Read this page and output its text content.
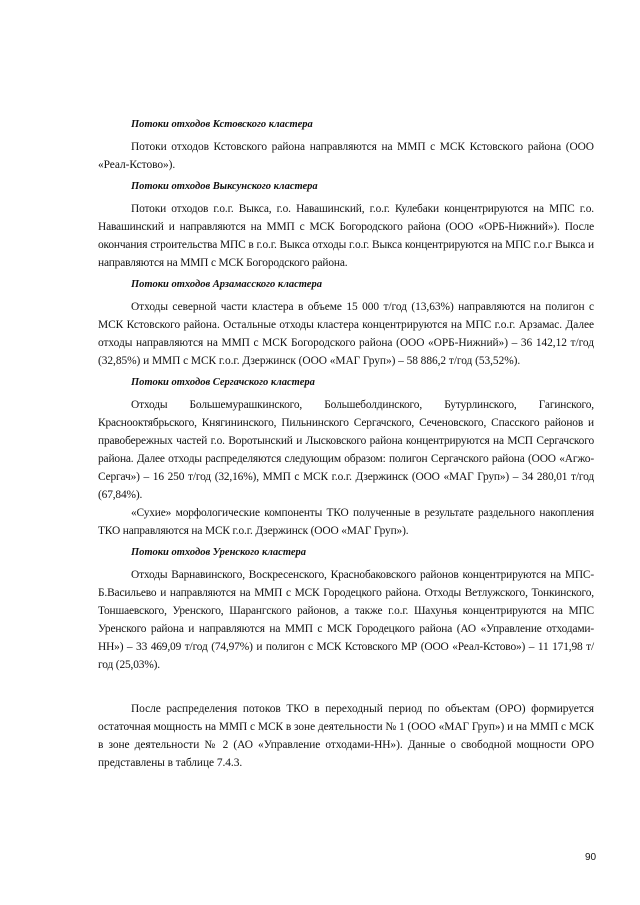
Потоки отходов Кстовского кластера

Потоки отходов Кстовского района направляются на ММП с МСК Кстовского района (ООО «Реал-Кстово»).

Потоки отходов Выксунского кластера

Потоки отходов г.о.г. Выкса, г.о. Навашинский, г.о.г. Кулебаки концентрируются на МПС г.о. Навашинский и направляются на ММП с МСК Богородского района (ООО «ОРБ-Нижний»). После окончания строительства МПС в г.о.г. Выкса отходы г.о.г. Выкса концентрируются на МПС г.о.г Выкса и направляются на ММП с МСК Богородского района.

Потоки отходов Арзамасского кластера

Отходы северной части кластера в объеме 15 000 т/год (13,63%) направляются на полигон с МСК Кстовского района. Остальные отходы кластера концентрируются на МПС г.о.г. Арзамас. Далее отходы направляются на ММП с МСК Богородского района (ООО «ОРБ-Нижний») – 36 142,12 т/год (32,85%) и ММП с МСК г.о.г. Дзержинск (ООО «МАГ Груп») – 58 886,2 т/год (53,52%).

Потоки отходов Сергачского кластера

Отходы Большемурашкинского, Большеболдинского, Бутурлинского, Гагинского, Краснооктябрьского, Княгининского, Пильнинского Сергачского, Сеченовского, Спасского районов и правобережных частей г.о. Воротынский и Лысковского района концентрируются на МСП Сергачского района. Далее отходы распределяются следующим образом: полигон Сергачского района (ООО «Агжо-Сергач») – 16 250 т/год (32,16%), ММП с МСК г.о.г. Дзержинск (ООО «МАГ Груп») – 34 280,01 т/год (67,84%).

«Сухие» морфологические компоненты ТКО полученные в результате раздельного накопления ТКО направляются на МСК г.о.г. Дзержинск (ООО «МАГ Груп»).

Потоки отходов Уренского кластера

Отходы Варнавинского, Воскресенского, Краснобаковского районов концентрируются на МПС-Б.Васильево и направляются на ММП с МСК Городецкого района. Отходы Ветлужского, Тонкинского, Тоншаевского, Уренского, Шарангского районов, а также г.о.г. Шахунья концентрируются на МПС Уренского района и направляются на ММП с МСК Городецкого района (АО «Управление отходами-НН») – 33 469,09 т/год (74,97%) и полигон с МСК Кстовского МР (ООО «Реал-Кстово») – 11 171,98 т/год (25,03%).

После распределения потоков ТКО в переходный период по объектам (ОРО) формируется остаточная мощность на ММП с МСК в зоне деятельности № 1 (ООО «МАГ Груп») и на ММП с МСК в зоне деятельности № 2 (АО «Управление отходами-НН»). Данные о свободной мощности ОРО представлены в таблице 7.4.3.

90
